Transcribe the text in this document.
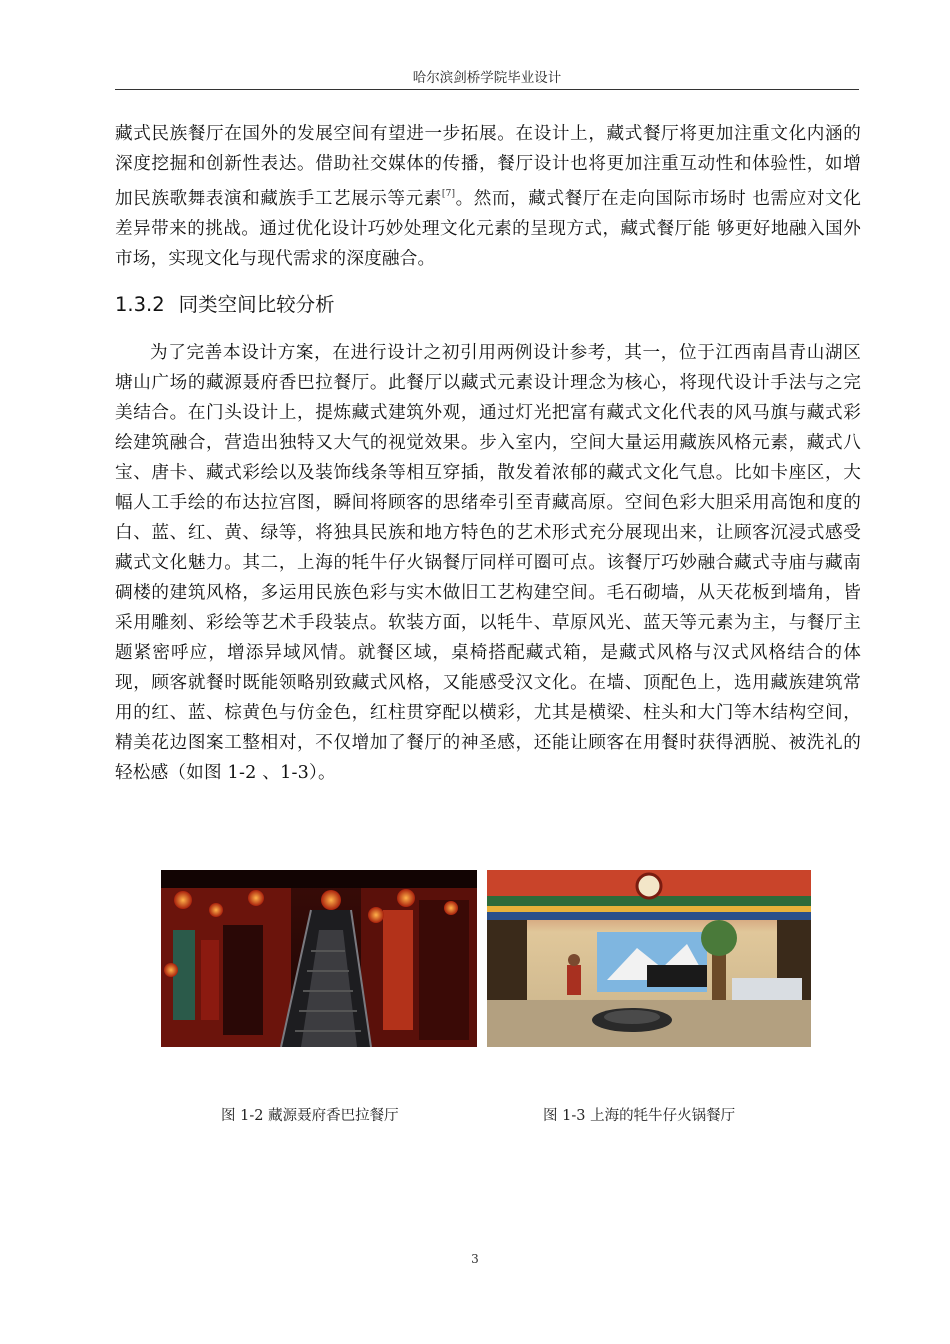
哈尔滨剑桥学院毕业设计

藏式民族餐厅在国外的发展空间有望进一步拓展。在设计上，藏式餐厅将更加注重文化内涵的深度挖掘和创新性表达。借助社交媒体的传播，餐厅设计也将更加注重互动性和体验性，如增加民族歌舞表演和藏族手工艺展示等元素[7]。然而，藏式餐厅在走向国际市场时 也需应对文化差异带来的挑战。通过优化设计巧妙处理文化元素的呈现方式，藏式餐厅能 够更好地融入国外市场，实现文化与现代需求的深度融合。

1.3.2 同类空间比较分析

为了完善本设计方案，在进行设计之初引用两例设计参考，其一，位于江西南昌青山湖区塘山广场的藏源聂府香巴拉餐厅。此餐厅以藏式元素设计理念为核心，将现代设计手法与之完美结合。在门头设计上，提炼藏式建筑外观，通过灯光把富有藏式文化代表的风马旗与藏式彩绘建筑融合，营造出独特又大气的视觉效果。步入室内，空间大量运用藏族风格元素，藏式八宝、唐卡、藏式彩绘以及装饰线条等相互穿插，散发着浓郁的藏式文化气息。比如卡座区，大幅人工手绘的布达拉宫图，瞬间将顾客的思绪牵引至青藏高原。空间色彩大胆采用高饱和度的白、蓝、红、黄、绿等，将独具民族和地方特色的艺术形式充分展现出来，让顾客沉浸式感受藏式文化魅力。其二，上海的牦牛仔火锅餐厅同样可圈可点。该餐厅巧妙融合藏式寺庙与藏南碉楼的建筑风格，多运用民族色彩与实木做旧工艺构建空间。毛石砌墙，从天花板到墙角，皆采用雕刻、彩绘等艺术手段装点。软装方面，以牦牛、草原风光、蓝天等元素为主，与餐厅主题紧密呼应，增添异域风情。就餐区域，桌椅搭配藏式箱，是藏式风格与汉式风格结合的体现，顾客就餐时既能领略别致藏式风格，又能感受汉文化。在墙、顶配色上，选用藏族建筑常用的红、蓝、棕黄色与仿金色，红柱贯穿配以横彩，尤其是横梁、柱头和大门等木结构空间，精美花边图案工整相对，不仅增加了餐厅的神圣感，还能让顾客在用餐时获得洒脱、被洗礼的轻松感（如图 1-2 、1-3）。

图 1-2 藏源聂府香巴拉餐厅	图 1-3 上海的牦牛仔火锅餐厅
3
